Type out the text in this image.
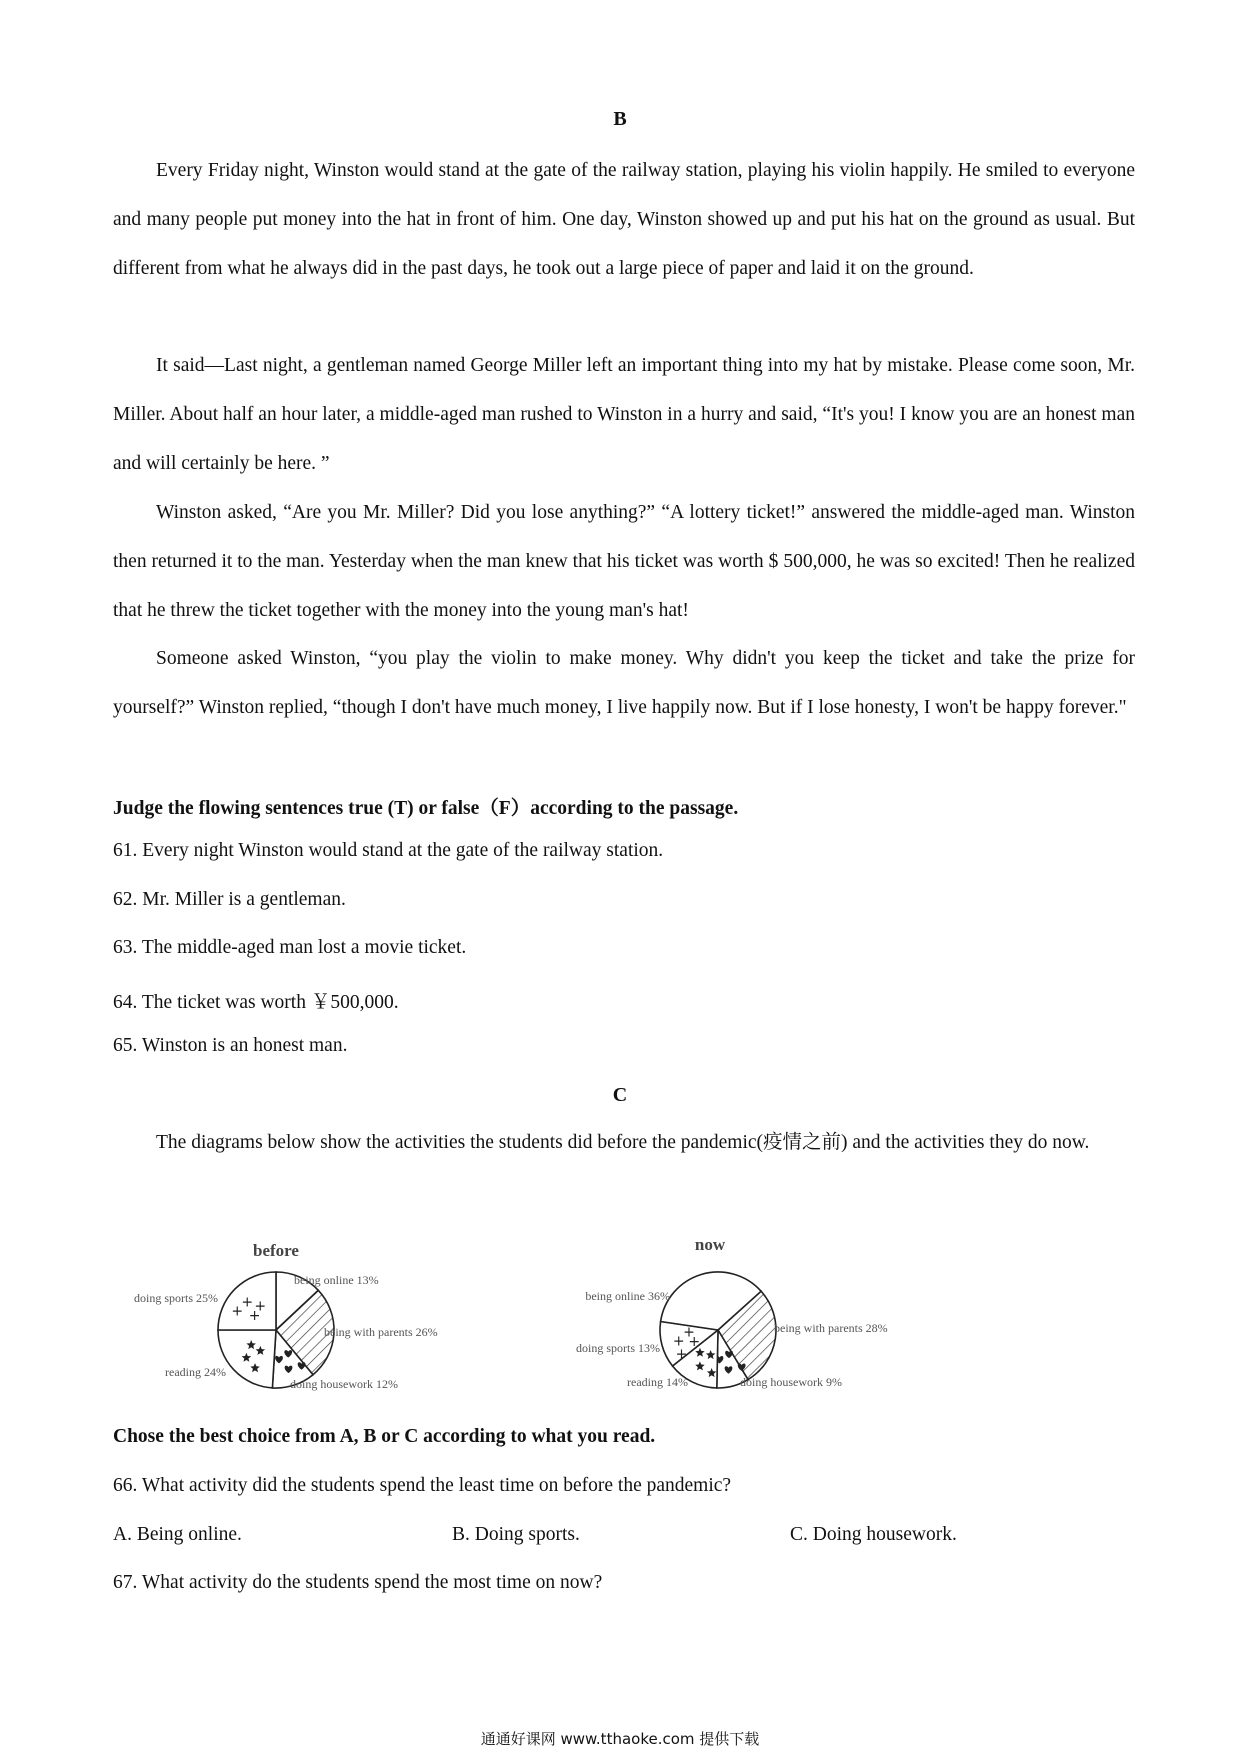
B

Every Friday night, Winston would stand at the gate of the railway station, playing his violin happily. He smiled to everyone and many people put money into the hat in front of him. One day, Winston showed up and put his hat on the ground as usual. But different from what he always did in the past days, he took out a large piece of paper and laid it on the ground.

It said—Last night, a gentleman named George Miller left an important thing into my hat by mistake. Please come soon, Mr. Miller. About half an hour later, a middle-aged man rushed to Winston in a hurry and said, “It's you! I know you are an honest man and will certainly be here. ”

Winston asked, “Are you Mr. Miller? Did you lose anything?” “A lottery ticket!” answered the middle-aged man. Winston then returned it to the man. Yesterday when the man knew that his ticket was worth $ 500,000, he was so excited! Then he realized that he threw the ticket together with the money into the young man's hat!

Someone asked Winston, “you play the violin to make money. Why didn't you keep the ticket and take the prize for yourself?” Winston replied, “though I don't have much money, I live happily now. But if I lose honesty, I won't be happy forever."

Judge the flowing sentences true (T) or false（F）according to the passage.
61. Every night Winston would stand at the gate of the railway station.
62. Mr. Miller is a gentleman.
63. The middle-aged man lost a movie ticket.
64. The ticket was worth ￥500,000.
65. Winston is an honest man.
C

The diagrams below show the activities the students did before the pandemic(疫情之前) and the activities they do now.

before	now
being online 13%
being with parents 26%
doing housework 12%
reading 24%
+
+ +
+
doing sports 25%
being with parents 28%
doing housework 9%
reading 14%
+
+
+
+
doing sports 13%
being online 36%
Chose the best choice from A, B or C according to what you read.
66. What activity did the students spend the least time on before the pandemic?
A. Being online.	B. Doing sports.	C. Doing housework.
67. What activity do the students spend the most time on now?
通通好课网 www.tthaoke.com 提供下载
